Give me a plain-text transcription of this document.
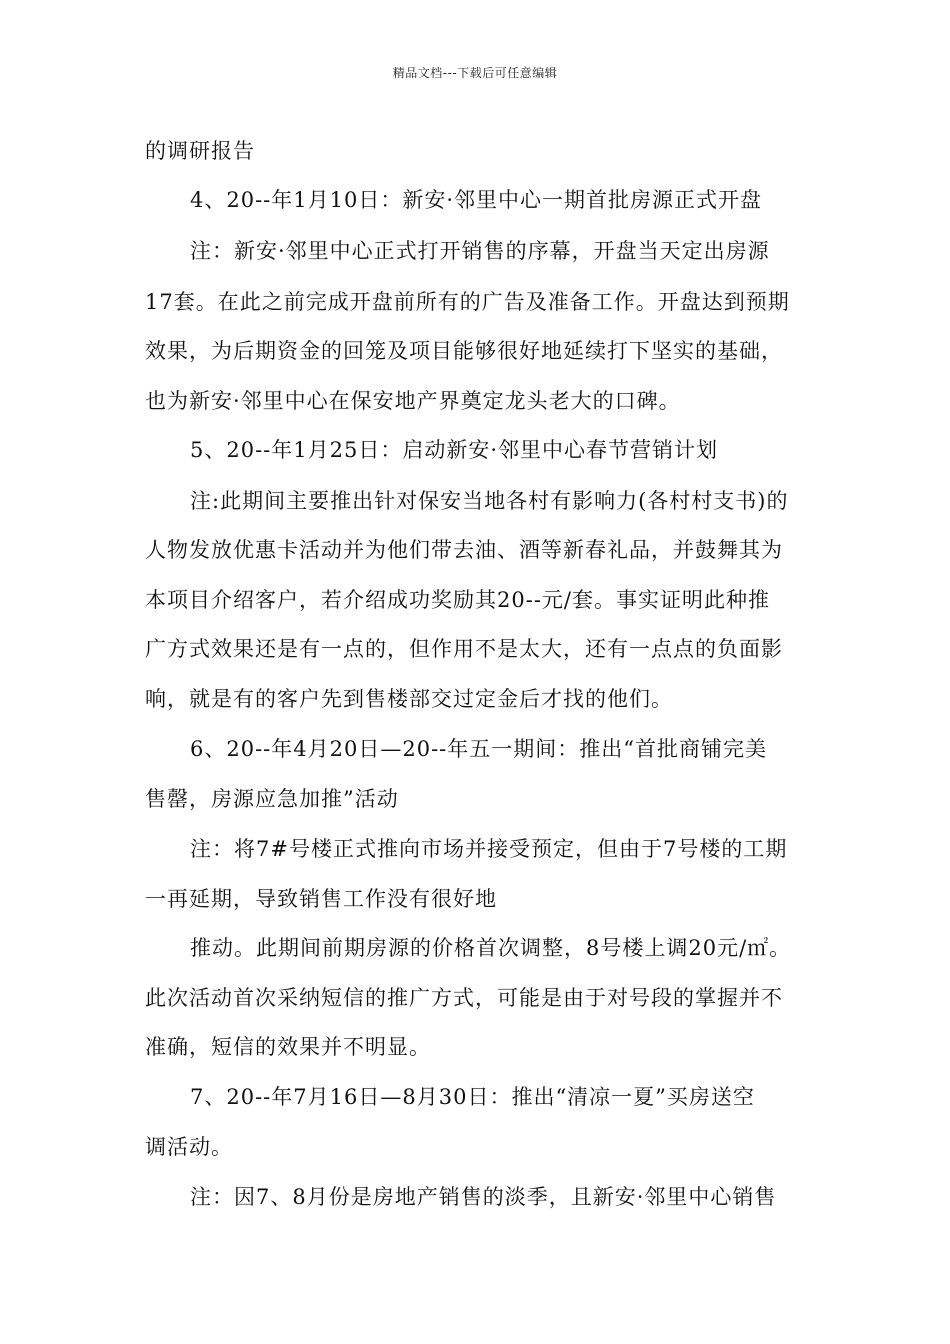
精品文档---下载后可任意编辑
的调研报告
4、20--年1月10日：新安·邻里中心一期首批房源正式开盘
注：新安·邻里中心正式打开销售的序幕，开盘当天定出房源
17套。在此之前完成开盘前所有的广告及准备工作。开盘达到预期
效果，为后期资金的回笼及项目能够很好地延续打下坚实的基础，
也为新安·邻里中心在保安地产界奠定龙头老大的口碑。
5、20--年1月25日：启动新安·邻里中心春节营销计划
注:此期间主要推出针对保安当地各村有影响力(各村村支书)的
人物发放优惠卡活动并为他们带去油、酒等新春礼品，并鼓舞其为
本项目介绍客户，若介绍成功奖励其20--元/套。事实证明此种推
广方式效果还是有一点的，但作用不是太大，还有一点点的负面影
响，就是有的客户先到售楼部交过定金后才找的他们。
6、20--年4月20日—20--年五一期间：推出“首批商铺完美
售罄，房源应急加推”活动
注：将7#号楼正式推向市场并接受预定，但由于7号楼的工期
一再延期，导致销售工作没有很好地
推动。此期间前期房源的价格首次调整，8号楼上调20元/㎡。
此次活动首次采纳短信的推广方式，可能是由于对号段的掌握并不
准确，短信的效果并不明显。
7、20--年7月16日—8月30日：推出“清凉一夏”买房送空
调活动。
注：因7、8月份是房地产销售的淡季，且新安·邻里中心销售
